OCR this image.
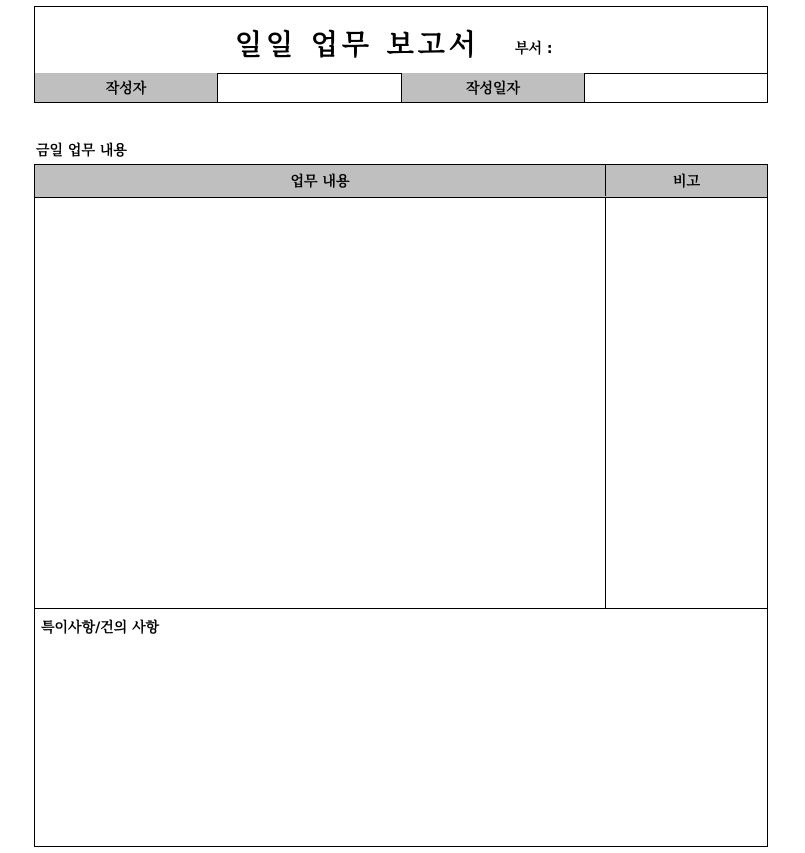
일일 업무 보고서	부서 :
작성자	작성일자
금일 업무 내용
업무 내용	비고
특이사항/건의 사항
